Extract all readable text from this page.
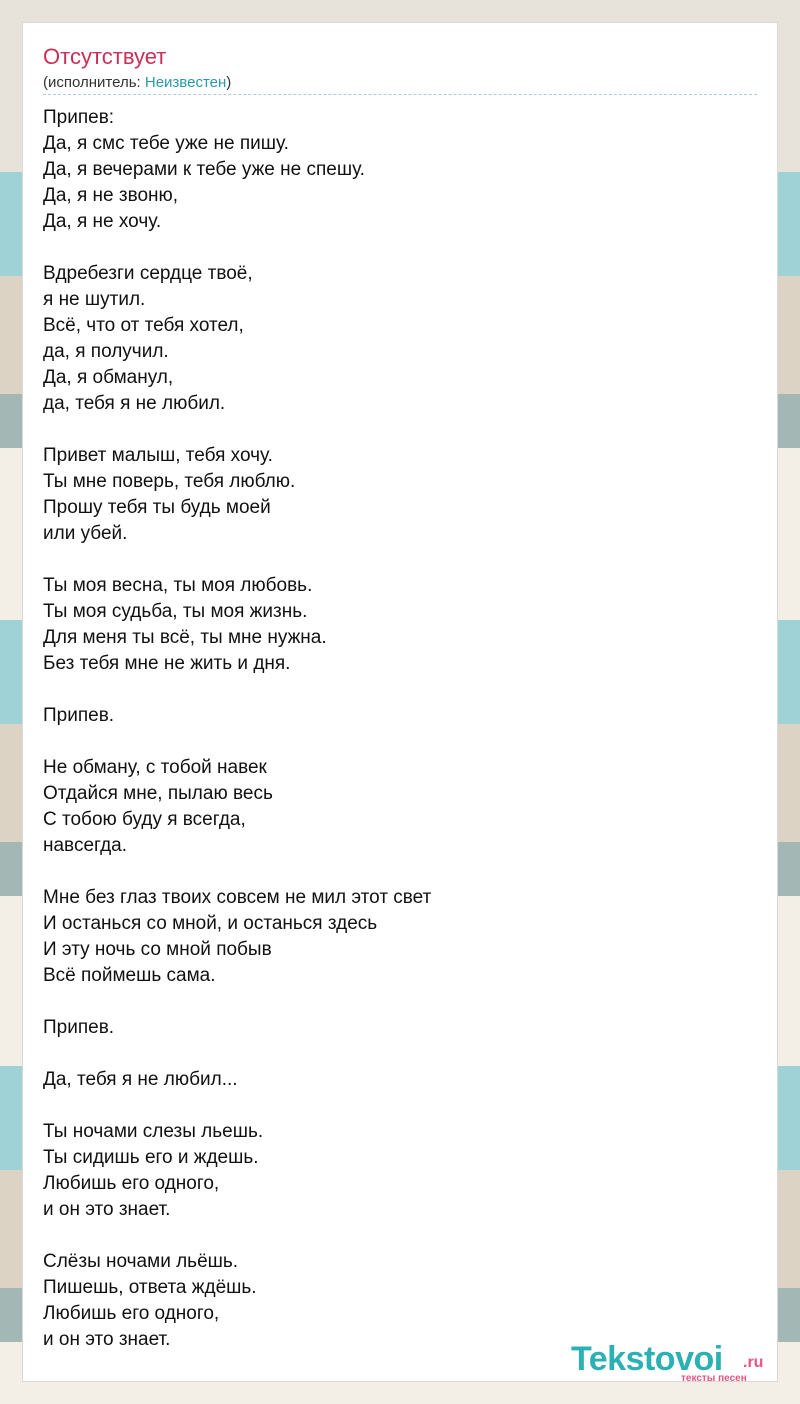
Отсутствует
(исполнитель: Неизвестен)
Припев:
Да, я смс тебе уже не пишу.
Да, я вечерами к тебе уже не спешу.
Да, я не звоню,
Да, я не хочу.

Вдребезги сердце твоё,
я не шутил.
Всё, что от тебя хотел,
да, я получил.
Да, я обманул,
да, тебя я не любил.

Привет малыш, тебя хочу.
Ты мне поверь, тебя люблю.
Прошу тебя ты будь моей
или убей.

Ты моя весна, ты моя любовь.
Ты моя судьба, ты моя жизнь.
Для меня ты всё, ты мне нужна.
Без тебя мне не жить и дня.

Припев.

Не обману, с тобой навек
Отдайся мне, пылаю весь
С тобою буду я всегда,
навсегда.

Мне без глаз твоих совсем не мил этот свет
И останься со мной, и останься здесь
И эту ночь со мной побыв
Всё поймешь сама.

Припев.

Да, тебя я не любил...

Ты ночами слезы льешь.
Ты сидишь его и ждешь.
Любишь его одного,
и он это знает.

Слёзы ночами льёшь.
Пишешь, ответа ждёшь.
Любишь его одного,
и он это знает.
Tekstovoi .ru
тексты песен
